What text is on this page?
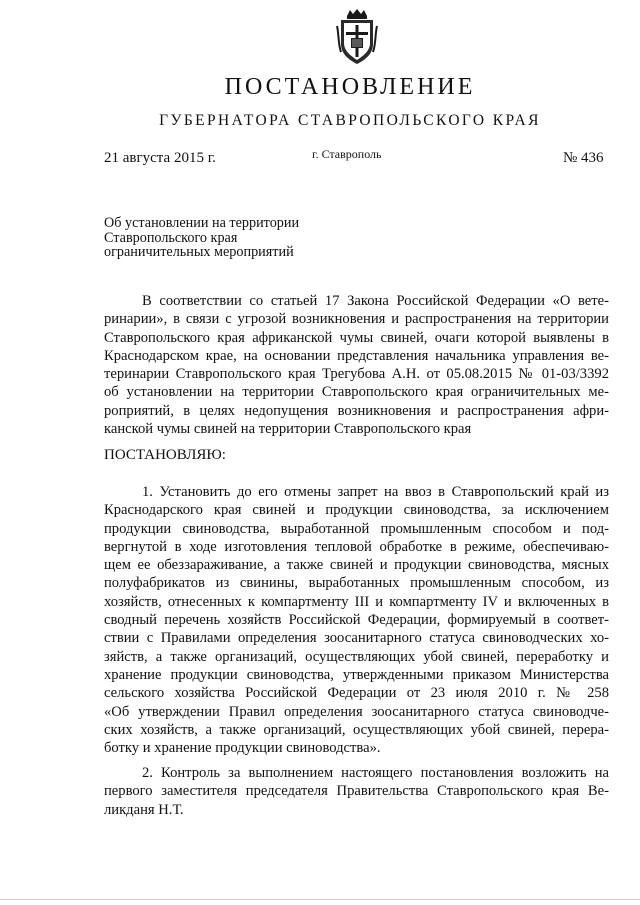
ПОСТАНОВЛЕНИЕ
ГУБЕРНАТОРА СТАВРОПОЛЬСКОГО КРАЯ
21 августа 2015 г.	г. Ставрополь	№ 436
Об установлении на территории
Ставропольского края
ограничительных мероприятий
В соответствии со статьей 17 Закона Российской Федерации «О вете-
ринарии», в связи с угрозой возникновения и распространения на территории
Ставропольского края африканской чумы свиней, очаги которой выявлены в
Краснодарском крае, на основании представления начальника управления ве-
теринарии Ставропольского края Трегубова А.Н. от 05.08.2015 № 01-03/3392
об установлении на территории Ставропольского края ограничительных ме-
роприятий, в целях недопущения возникновения и распространения афри-
канской чумы свиней на территории Ставропольского края
ПОСТАНОВЛЯЮ:
1. Установить до его отмены запрет на ввоз в Ставропольский край из
Краснодарского края свиней и продукции свиноводства, за исключением
продукции свиноводства, выработанной промышленным способом и под-
вергнутой в ходе изготовления тепловой обработке в режиме, обеспечиваю-
щем ее обеззараживание, а также свиней и продукции свиноводства, мясных
полуфабрикатов из свинины, выработанных промышленным способом, из
хозяйств, отнесенных к компартменту III и компартменту IV и включенных в
сводный перечень хозяйств Российской Федерации, формируемый в соответ-
ствии с Правилами определения зоосанитарного статуса свиноводческих хо-
зяйств, а также организаций, осуществляющих убой свиней, переработку и
хранение продукции свиноводства, утвержденными приказом Министерства
сельского хозяйства Российской Федерации от 23 июля 2010 г. № 258
«Об утверждении Правил определения зоосанитарного статуса свиноводче-
ских хозяйств, а также организаций, осуществляющих убой свиней, перера-
ботку и хранение продукции свиноводства».
2. Контроль за выполнением настоящего постановления возложить на
первого заместителя председателя Правительства Ставропольского края Ве-
ликданя Н.Т.
